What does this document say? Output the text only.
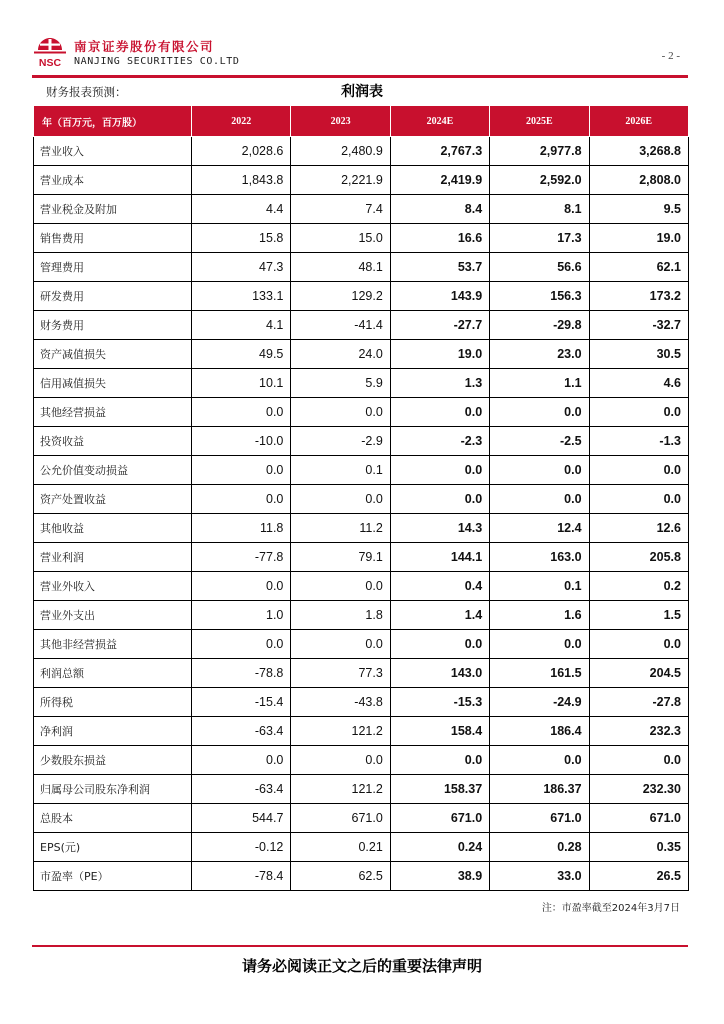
NSC
南京证券股份有限公司
NANJING SECURITIES CO.LTD	- 2 -
利润表
财务报表预测：
年（百万元，百万股）	2022	2023	2024E	2025E	2026E
营业收入	2,028.6	2,480.9	2,767.3	2,977.8	3,268.8
营业成本	1,843.8	2,221.9	2,419.9	2,592.0	2,808.0
营业税金及附加	4.4	7.4	8.4	8.1	9.5
销售费用	15.8	15.0	16.6	17.3	19.0
管理费用	47.3	48.1	53.7	56.6	62.1
研发费用	133.1	129.2	143.9	156.3	173.2
财务费用	4.1	-41.4	-27.7	-29.8	-32.7
资产减值损失	49.5	24.0	19.0	23.0	30.5
信用减值损失	10.1	5.9	1.3	1.1	4.6
其他经营损益	0.0	0.0	0.0	0.0	0.0
投资收益	-10.0	-2.9	-2.3	-2.5	-1.3
公允价值变动损益	0.0	0.1	0.0	0.0	0.0
资产处置收益	0.0	0.0	0.0	0.0	0.0
其他收益	11.8	11.2	14.3	12.4	12.6
营业利润	-77.8	79.1	144.1	163.0	205.8
营业外收入	0.0	0.0	0.4	0.1	0.2
营业外支出	1.0	1.8	1.4	1.6	1.5
其他非经营损益	0.0	0.0	0.0	0.0	0.0
利润总额	-78.8	77.3	143.0	161.5	204.5
所得税	-15.4	-43.8	-15.3	-24.9	-27.8
净利润	-63.4	121.2	158.4	186.4	232.3
少数股东损益	0.0	0.0	0.0	0.0	0.0
归属母公司股东净利润	-63.4	121.2	158.37	186.37	232.30
总股本	544.7	671.0	671.0	671.0	671.0
EPS(元)	-0.12	0.21	0.24	0.28	0.35
市盈率（PE）	-78.4	62.5	38.9	33.0	26.5
注：市盈率截至2024年3月7日
请务必阅读正文之后的重要法律声明
